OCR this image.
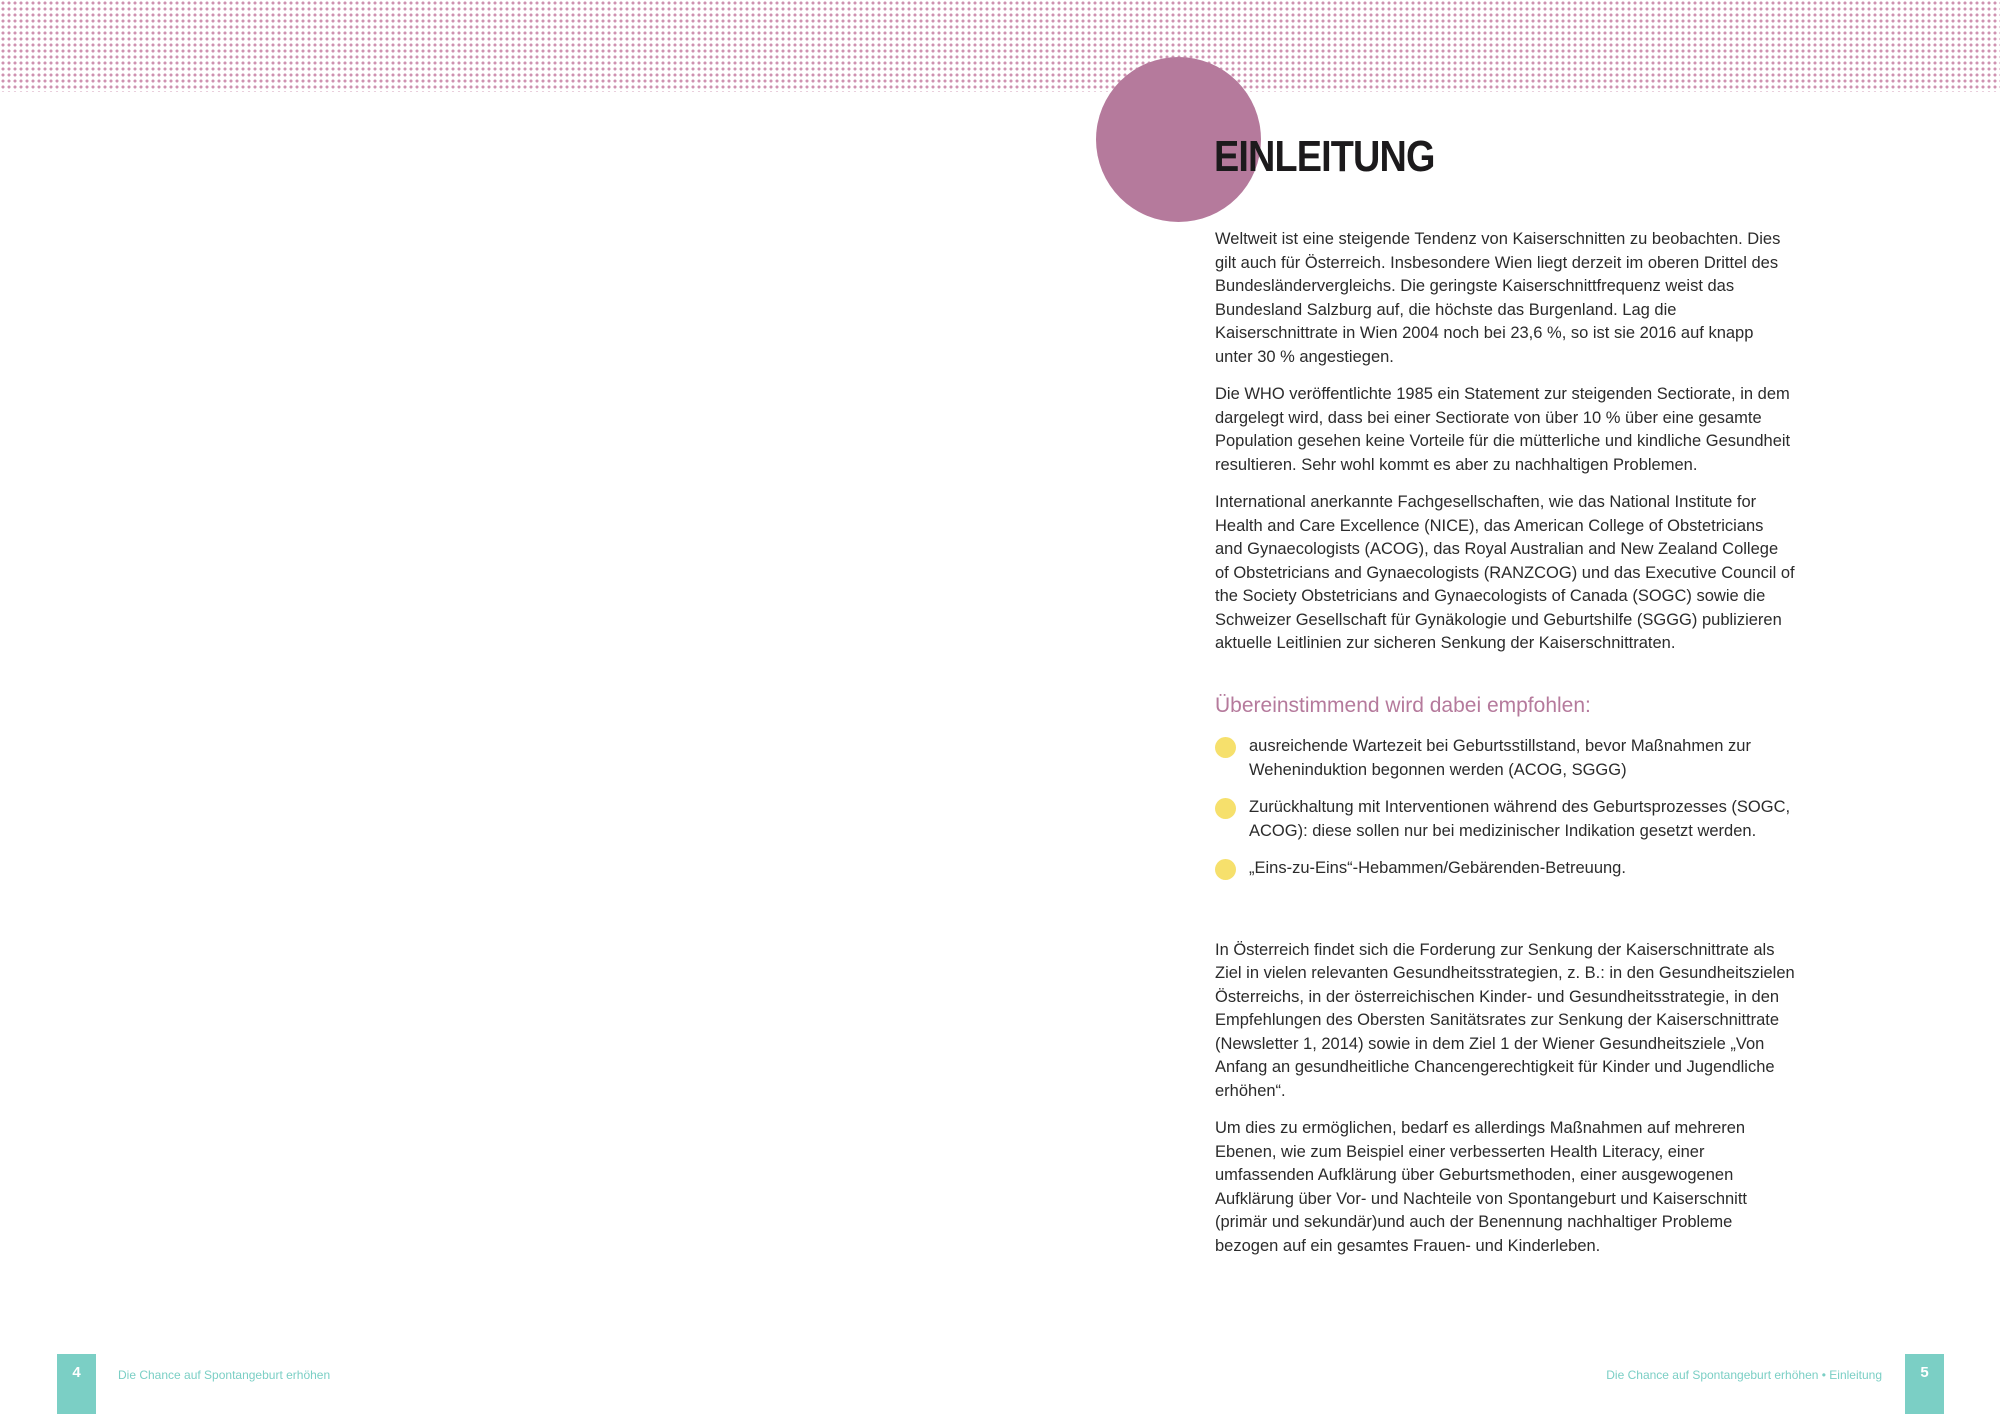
EINLEITUNG

Weltweit ist eine steigende Tendenz von Kaiserschnitten zu beobachten. Dies gilt auch für Österreich. Insbesondere Wien liegt derzeit im oberen Drittel des Bundesländervergleichs. Die geringste Kaiserschnittfrequenz weist das Bundesland Salzburg auf, die höchste das Burgenland. Lag die Kaiserschnittrate in Wien 2004 noch bei 23,6 %, so ist sie 2016 auf knapp unter 30 % angestiegen.

Die WHO veröffentlichte 1985 ein Statement zur steigenden Sectiorate, in dem dargelegt wird, dass bei einer Sectiorate von über 10 % über eine gesamte Population gesehen keine Vorteile für die mütterliche und kindliche Gesundheit resultieren. Sehr wohl kommt es aber zu nachhaltigen Problemen.

International anerkannte Fachgesellschaften, wie das National Institute for Health and Care Excellence (NICE), das American College of Obstetricians and Gynaecologists (ACOG), das Royal Australian and New Zealand College of Obstetricians and Gynaecologists (RANZCOG) und das Executive Council of the Society Obstetricians and Gynaecologists of Canada (SOGC) sowie die Schweizer Gesellschaft für Gynäkologie und Geburtshilfe (SGGG) publizieren aktuelle Leitlinien zur sicheren Senkung der Kaiserschnittraten.

Übereinstimmend wird dabei empfohlen:
ausreichende Wartezeit bei Geburtsstillstand, bevor Maßnahmen zur Weheninduktion begonnen werden (ACOG, SGGG)
Zurückhaltung mit Interventionen während des Geburtsprozesses (SOGC, ACOG): diese sollen nur bei medizinischer Indikation gesetzt werden.
„Eins-zu-Eins“-Hebammen/Gebärenden-Betreuung.

In Österreich findet sich die Forderung zur Senkung der Kaiserschnittrate als Ziel in vielen relevanten Gesundheitsstrategien, z. B.: in den Gesundheitszielen Österreichs, in der österreichischen Kinder- und Gesundheitsstrategie, in den Empfehlungen des Obersten Sanitätsrates zur Senkung der Kaiserschnittrate (Newsletter 1, 2014) sowie in dem Ziel 1 der Wiener Gesundheitsziele „Von Anfang an gesundheitliche Chancengerechtigkeit für Kinder und Jugendliche erhöhen“.

Um dies zu ermöglichen, bedarf es allerdings Maßnahmen auf mehreren Ebenen, wie zum Beispiel einer verbesserten Health Literacy, einer umfassenden Aufklärung über Geburtsmethoden, einer ausgewogenen Aufklärung über Vor- und Nachteile von Spontangeburt und Kaiserschnitt (primär und sekundär)und auch der Benennung nachhaltiger Probleme bezogen auf ein gesamtes Frauen- und Kinderleben.

4	Die Chance auf Spontangeburt erhöhen	Die Chance auf Spontangeburt erhöhen • Einleitung	5
